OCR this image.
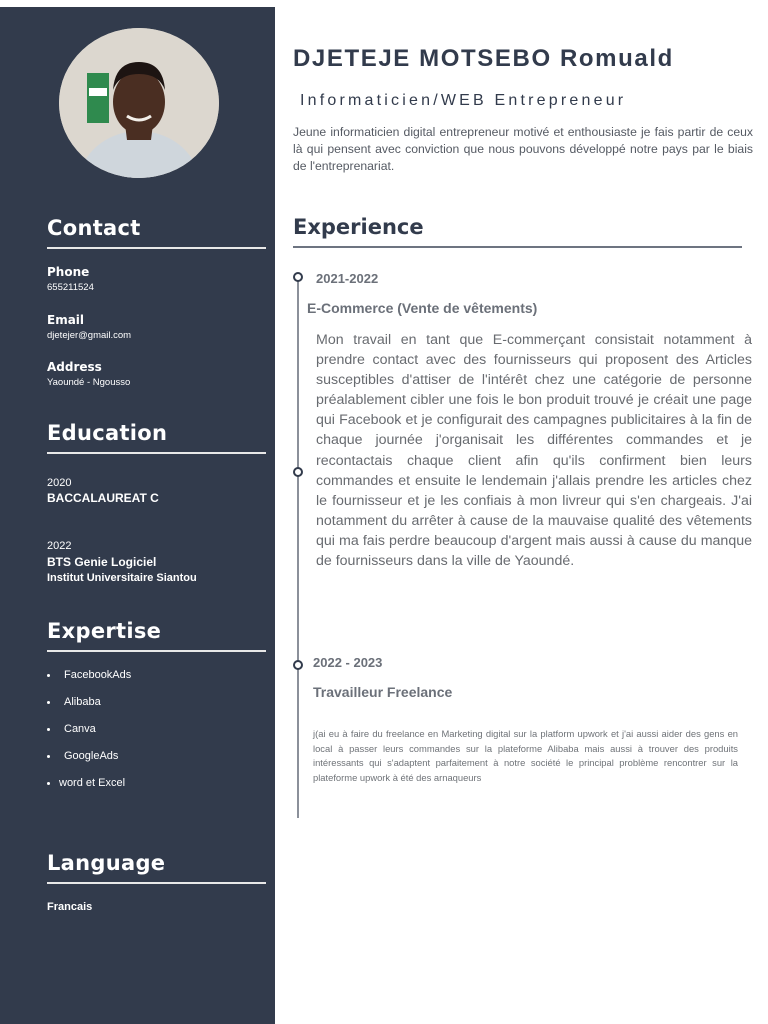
Contact
Phone
655211524
Email
djetejer@gmail.com
Address
Yaoundé - Ngousso
Education
2020
BACCALAUREAT C
2022
BTS Genie Logiciel
Institut Universitaire Siantou
Expertise
FacebookAds
Alibaba
Canva
GoogleAds
word et Excel
Language
Francais
DJETEJE MOTSEBO Romuald
Informaticien/WEB Entrepreneur
Jeune informaticien digital entrepreneur motivé et enthousiaste je fais partir de ceux là qui pensent avec conviction que nous pouvons développé notre pays par le biais de l'entreprenariat.
Experience
2021-2022
E-Commerce (Vente de vêtements)
Mon travail en tant que E-commerçant consistait notamment à prendre contact avec des fournisseurs qui proposent des Articles susceptibles d'attiser de l'intérêt chez une catégorie de personne préalablement cibler une fois le bon produit trouvé je créait une page qui Facebook et je configurait des campagnes publicitaires à la fin de chaque journée j'organisait les différentes commandes et je recontactais chaque client afin qu'ils confirment bien leurs commandes et ensuite le lendemain j'allais prendre les articles chez le fournisseur et je les confiais à mon livreur qui s'en chargeais. J'ai notamment du arrêter à cause de la mauvaise qualité des vêtements qui ma fais perdre beaucoup d'argent mais aussi à cause du manque de fournisseurs dans la ville de Yaoundé.
2022 - 2023
Travailleur Freelance
j(ai eu à faire du freelance en Marketing digital sur la platform upwork et j'ai aussi aider des gens en local à passer leurs commandes sur la plateforme Alibaba mais aussi à trouver des produits intéressants qui s'adaptent parfaitement à notre société le principal problème rencontrer sur la plateforme upwork à été des arnaqueurs
